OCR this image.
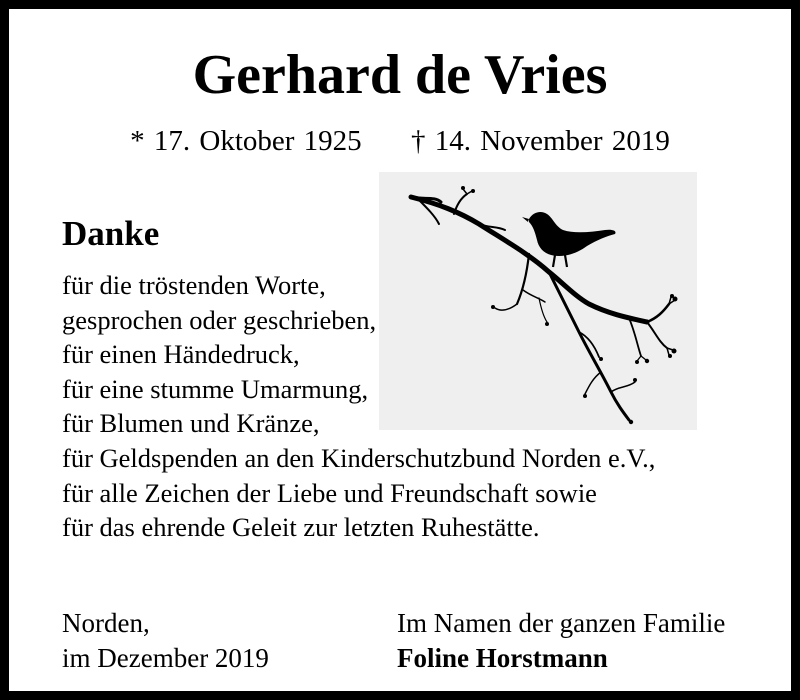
Gerhard de Vries
* 17. Oktober 1925 † 14. November 2019
Danke
für die tröstenden Worte,
gesprochen oder geschrieben,
für einen Händedruck,
für eine stumme Umarmung,
für Blumen und Kränze,
für Geldspenden an den Kinderschutzbund Norden e.V.,
für alle Zeichen der Liebe und Freundschaft sowie
für das ehrende Geleit zur letzten Ruhestätte.
Norden,
im Dezember 2019
Im Namen der ganzen Familie
Foline Horstmann
